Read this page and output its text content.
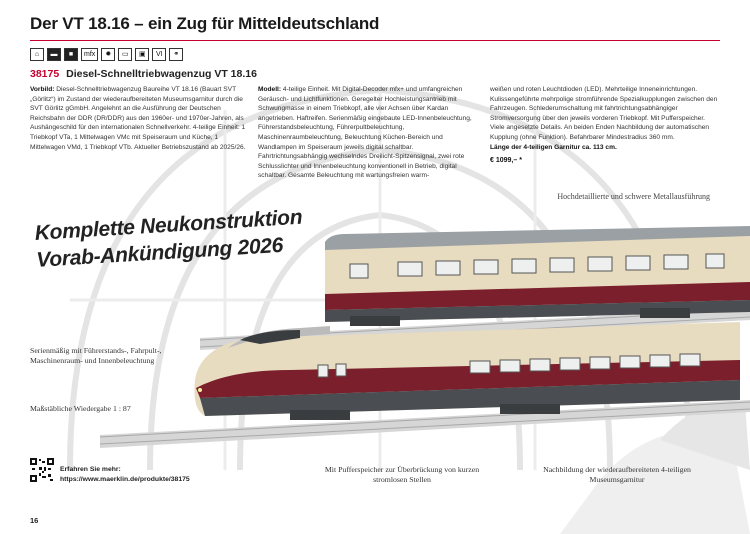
Der VT 18.16 – ein Zug für Mitteldeutschland
⌂	▬	■	mfx	✹	▭	▣	VI	⚭
38175 Diesel-Schnelltriebwagenzug VT 18.16
Vorbild: Diesel-Schnelltriebwagenzug Baureihe VT 18.16 (Bauart SVT „Görlitz“) im Zustand der wiederaufbereiteten Museumsgarnitur durch die SVT Görlitz gGmbH. Angelehnt an die Ausführung der Deutschen Reichsbahn der DDR (DR/DDR) aus den 1960er- und 1970er-Jahren, als Aushängeschild für den internationalen Schnellverkehr. 4-teilige Einheit: 1 Triebkopf VTa, 1 Mittelwagen VMc mit Speiseraum und Küche, 1 Mittelwagen VMd, 1 Triebkopf VTb. Aktueller Betriebszustand ab 2025/26.
Modell: 4-teilige Einheit. Mit Digital-Decoder mfx+ und umfangreichen Geräusch- und Lichtfunktionen. Geregelter Hochleistungsantrieb mit Schwungmasse in einem Triebkopf, alle vier Achsen über Kardan angetrieben. Haftreifen. Serienmäßig eingebaute LED-Innenbeleuchtung, Führerstandsbeleuchtung, Führerpultbeleuchtung, Maschinenraumbeleuchtung, Beleuchtung Küchen-Bereich und Wandlampen im Speiseraum jeweils digital schaltbar. Fahrtrichtungsabhängig wechselndes Dreilicht-Spitzensignal, zwei rote Schlusslichter und Innenbeleuchtung konventionell in Betrieb, digital schaltbar. Gesamte Beleuchtung mit wartungsfreien warm-
weißen und roten Leuchtdioden (LED). Mehrteilige Inneneinrichtungen. Kulissengeführte mehrpolige stromführende Spezialkupplungen zwischen den Fahrzeugen. Schlederumschaltung mit fahrtrichtungsabhängiger Stromversorgung über den jeweils vorderen Triebkopf. Mit Pufferspeicher. Viele angesetzte Details. An beiden Enden Nachbildung der automatischen Kupplung (ohne Funktion). Befahrbarer Mindestradius 360 mm.
Länge der 4-teiligen Garnitur ca. 113 cm.
€ 1099,– *
Hochdetaillierte und schwere Metallausführung
Komplette Neukonstruktion
Vorab-Ankündigung 2026
Serienmäßig mit Führerstands-, Fahrpult-, Maschinenraum- und Innenbeleuchtung
Maßstäbliche Wiedergabe 1 : 87
Erfahren Sie mehr:
https://www.maerklin.de/produkte/38175
Mit Pufferspeicher zur Überbrückung von kurzen stromlosen Stellen
Nachbildung der wiederaufbereiteten 4-teiligen Museumsgarnitur
16
